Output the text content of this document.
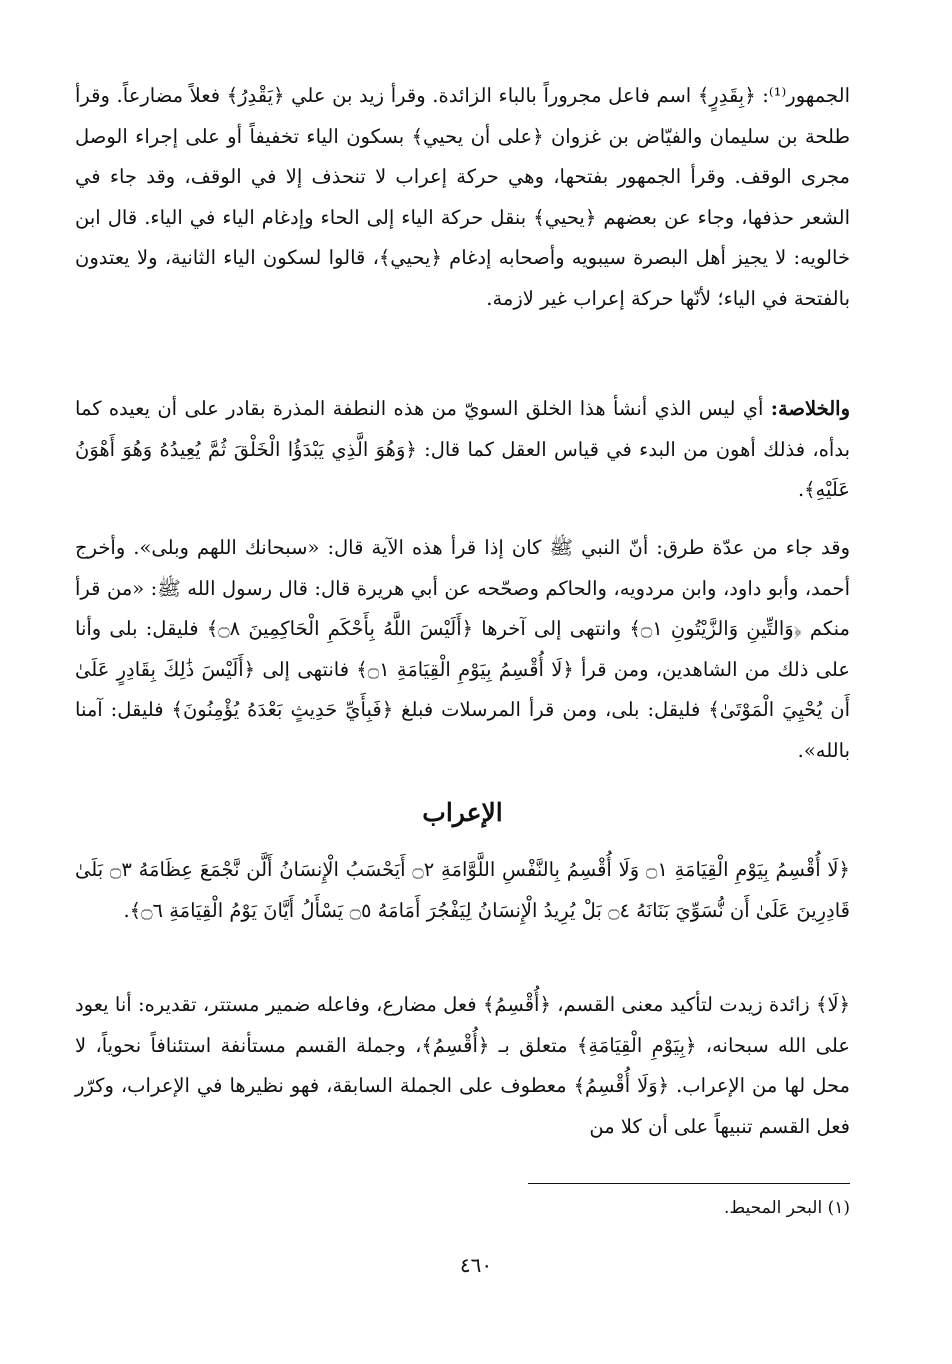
الجمهور⁽¹⁾: ﴿بِقَدِرٍ﴾ اسم فاعل مجروراً بالباء الزائدة. وقرأ زيد بن علي ﴿يَقْدِرُ﴾ فعلاً مضارعاً. وقرأ طلحة بن سليمان والفيّاض بن غزوان ﴿على أن يحيي﴾ بسكون الياء تخفيفاً أو على إجراء الوصل مجرى الوقف. وقرأ الجمهور بفتحها، وهي حركة إعراب لا تنحذف إلا في الوقف، وقد جاء في الشعر حذفها، وجاء عن بعضهم ﴿يحيي﴾ بنقل حركة الياء إلى الحاء وإدغام الياء في الياء. قال ابن خالويه: لا يجيز أهل البصرة سيبويه وأصحابه إدغام ﴿يحيي﴾، قالوا لسكون الياء الثانية، ولا يعتدون بالفتحة في الياء؛ لأنّها حركة إعراب غير لازمة.
والخلاصة: أي ليس الذي أنشأ هذا الخلق السويّ من هذه النطفة المذرة بقادر على أن يعيده كما بدأه، فذلك أهون من البدء في قياس العقل كما قال: ﴿وَهُوَ الَّذِي يَبْدَؤُا الْخَلْقَ ثُمَّ يُعِيدُهُ وَهُوَ أَهْوَنُ عَلَيْهِ﴾.
وقد جاء من عدّة طرق: أنّ النبي ﷺ كان إذا قرأ هذه الآية قال: «سبحانك اللهم وبلى». وأخرج أحمد، وأبو داود، وابن مردويه، والحاكم وصحّحه عن أبي هريرة قال: قال رسول الله ﷺ: «من قرأ منكم ﴿وَالتِّينِ وَالزَّيْتُونِ ۝١﴾ وانتهى إلى آخرها ﴿أَلَيْسَ اللَّهُ بِأَحْكَمِ الْحَاكِمِينَ ۝٨﴾ فليقل: بلى وأنا على ذلك من الشاهدين، ومن قرأ ﴿لَا أُقْسِمُ بِيَوْمِ الْقِيَامَةِ ۝١﴾ فانتهى إلى ﴿أَلَيْسَ ذَٰلِكَ بِقَادِرٍ عَلَىٰ أَن يُحْيِيَ الْمَوْتَىٰ﴾ فليقل: بلى، ومن قرأ المرسلات فبلغ ﴿فَبِأَيِّ حَدِيثٍ بَعْدَهُ يُؤْمِنُونَ﴾ فليقل: آمنا بالله».
الإعراب
﴿لَا أُقْسِمُ بِيَوْمِ الْقِيَامَةِ ۝١ وَلَا أُقْسِمُ بِالنَّفْسِ اللَّوَّامَةِ ۝٢ أَيَحْسَبُ الْإِنسَانُ أَلَّن نَّجْمَعَ عِظَامَهُ ۝٣ بَلَىٰ قَادِرِينَ عَلَىٰ أَن نُّسَوِّيَ بَنَانَهُ ۝٤ بَلْ يُرِيدُ الْإِنسَانُ لِيَفْجُرَ أَمَامَهُ ۝٥ يَسْأَلُ أَيَّانَ يَوْمُ الْقِيَامَةِ ۝٦﴾.
﴿لَا﴾ زائدة زيدت لتأكيد معنى القسم، ﴿أُقْسِمُ﴾ فعل مضارع، وفاعله ضمير مستتر، تقديره: أنا يعود على الله سبحانه، ﴿بِيَوْمِ الْقِيَامَةِ﴾ متعلق بـ ﴿أُقْسِمُ﴾، وجملة القسم مستأنفة استئنافاً نحوياً، لا محل لها من الإعراب. ﴿وَلَا أُقْسِمُ﴾ معطوف على الجملة السابقة، فهو نظيرها في الإعراب، وكرّر فعل القسم تنبيهاً على أن كلا من
(١) البحر المحيط.
٤٦٠
